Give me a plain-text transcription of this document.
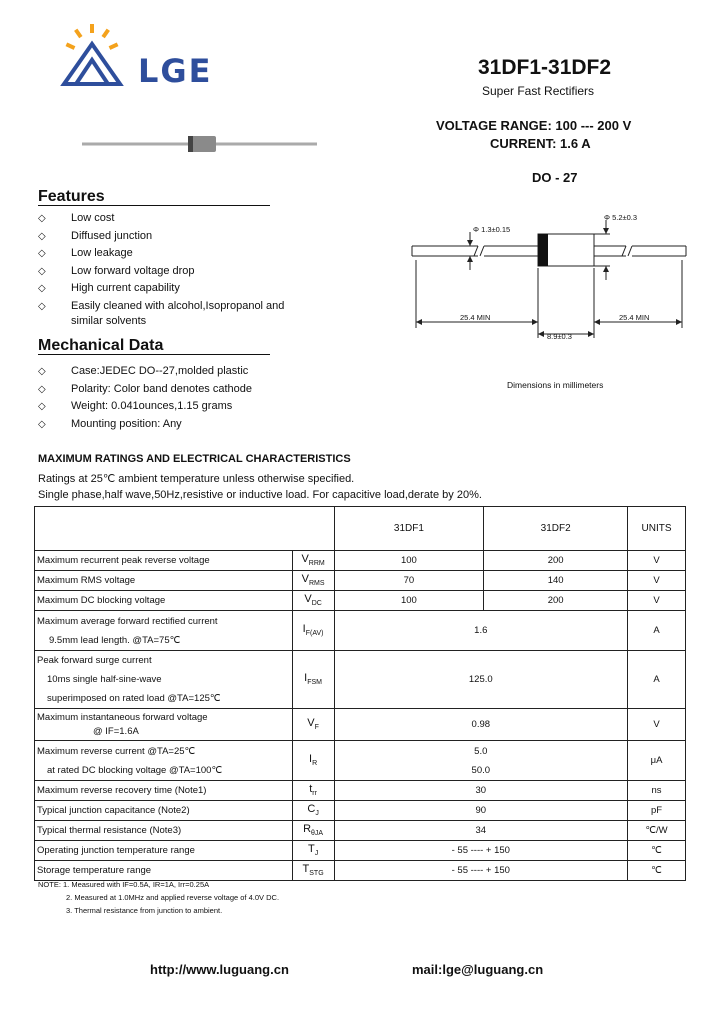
LGE	31DF1-31DF2
Super Fast Rectifiers
VOLTAGE RANGE: 100 --- 200 V
CURRENT: 1.6 A
DO - 27
Features
◇ Low cost
◇ Diffused junction
◇ Low leakage
◇ Low forward voltage drop
◇ High current capability
◇ Easily cleaned with alcohol,Isopropanol and
similar solvents
Mechanical Data
◇ Case:JEDEC DO--27,molded plastic
◇ Polarity: Color band denotes cathode
◇ Weight: 0.041ounces,1.15 grams
◇ Mounting position: Any
Φ 1.3±0.15
Φ 5.2±0.3
25.4 MIN	25.4 MIN
8.9±0.3
Dimensions in millimeters
MAXIMUM RATINGS AND ELECTRICAL CHARACTERISTICS
Ratings at 25℃ ambient temperature unless otherwise specified.
Single phase,half wave,50Hz,resistive or inductive load. For capacitive load,derate by 20%.
		31DF1	31DF2	UNITS
Maximum recurrent peak reverse voltage	$V_{RRM}$	100	200	V
Maximum RMS voltage	$V_{RMS}$	70	140	V
Maximum DC blocking voltage	$V_{DC}$	100	200	V

Maximum average forward rectified current
9.5mm lead length. @TA=75℃	$I_{F(AV)}$	1.6		A

Peak forward surge current
10ms single half-sine-wave
superimposed on rated load @TA=125℃	$I_{FSM}$	125.0		A

Maximum instantaneous forward voltage
@ IF=1.6A	$V_F$	0.98		V

Maximum reverse current @TA=25℃
at rated DC blocking voltage @TA=100℃	$I_R$	5.0
50.0		μA
Maximum reverse recovery time (Note1)	$t_{rr}$	30		ns
Typical junction capacitance (Note2)	$C_J$	90		pF
Typical thermal resistance (Note3)	$R_{\theta JA}$	34		℃/W
Operating junction temperature range	$T_J$	- 55 ---- + 150		℃
Storage temperature range	$T_{STG}$	- 55 ---- + 150		℃
NOTE: 1. Measured with IF=0.5A, IR=1A, Irr=0.25A
2. Measured at 1.0MHz and applied reverse voltage of 4.0V DC.
3. Thermal resistance from junction to ambient.
http://www.luguang.cn	mail:lge@luguang.cn
